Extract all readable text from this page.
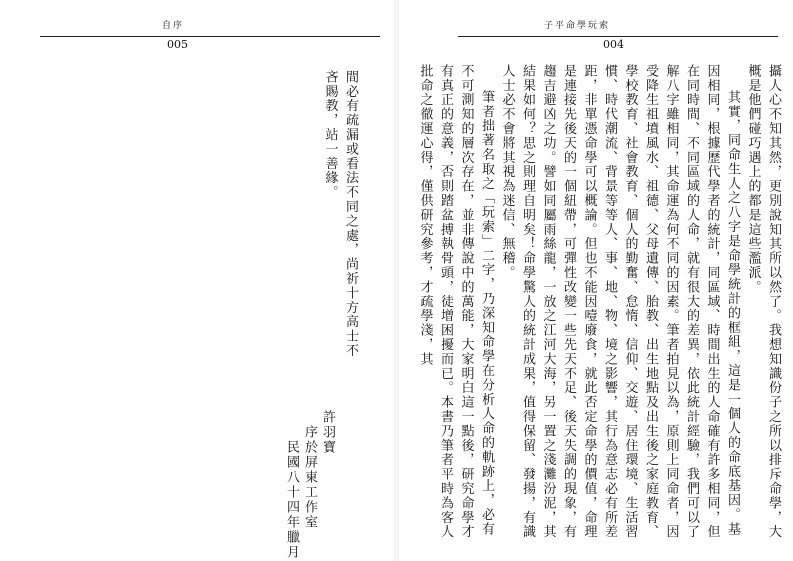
自序
005

間必有疏漏或看法不同之處，尚祈十方高士不吝賜教，站一善緣。

許羽寶
序於屏東工作室
民國八十四年臘月
子平命學玩索
004

攝人心不知其然，更別說知其所以然了。我想知識份子之所以排斥命學，大概是他們碰巧遇上的都是這些濫派。

其實，同命生人之八字是命學統計的框組，這是一個人的命底基因。基因相同，根據歷代學者的統計，同區域、時間出生的人命確有許多相同，但在同時間、不同區域的人命，就有很大的差異，依此統計經驗，我們可以了解八字雖相同，其命運為何不同的因素。筆者拍見以為，原則上同命者，因受降生祖墳風水、祖德、父母遺傳、胎教、出生地點及出生後之家庭教育、學校教育、社會教育、個人的勤奮、怠惰、信仰、交遊、居住環境、生活習慣、時代潮流、背景等等人、事、地、物、境之影響，其行為意志必有所差距，非單憑命學可以概論。但也不能因噎廢食，就此否定命學的價值，命理是連接先後天的一個紐帶，可彈性改變一些先天不足、後天失調的現象，有趨吉避凶之功。譬如同屬雨絲龍，一放之江河大海，另一置之淺灘汾泥，其結果如何？思之則理自明矣！命學驚人的統計成果，值得保留、發揚，有識人士必不會將其視為迷信、無稽。

筆者拙著名取之「玩索」二字，乃深知命學在分析人命的軌跡上，必有不可測知的層次存在，並非傳說中的萬能，大家明白這一點後，研究命學才有真正的意義，否則踏盆搏執骨頭，徒增困擾而已。本書乃筆者平時為客人批命之徹運心得，僅供研究參考，才疏學淺，其
